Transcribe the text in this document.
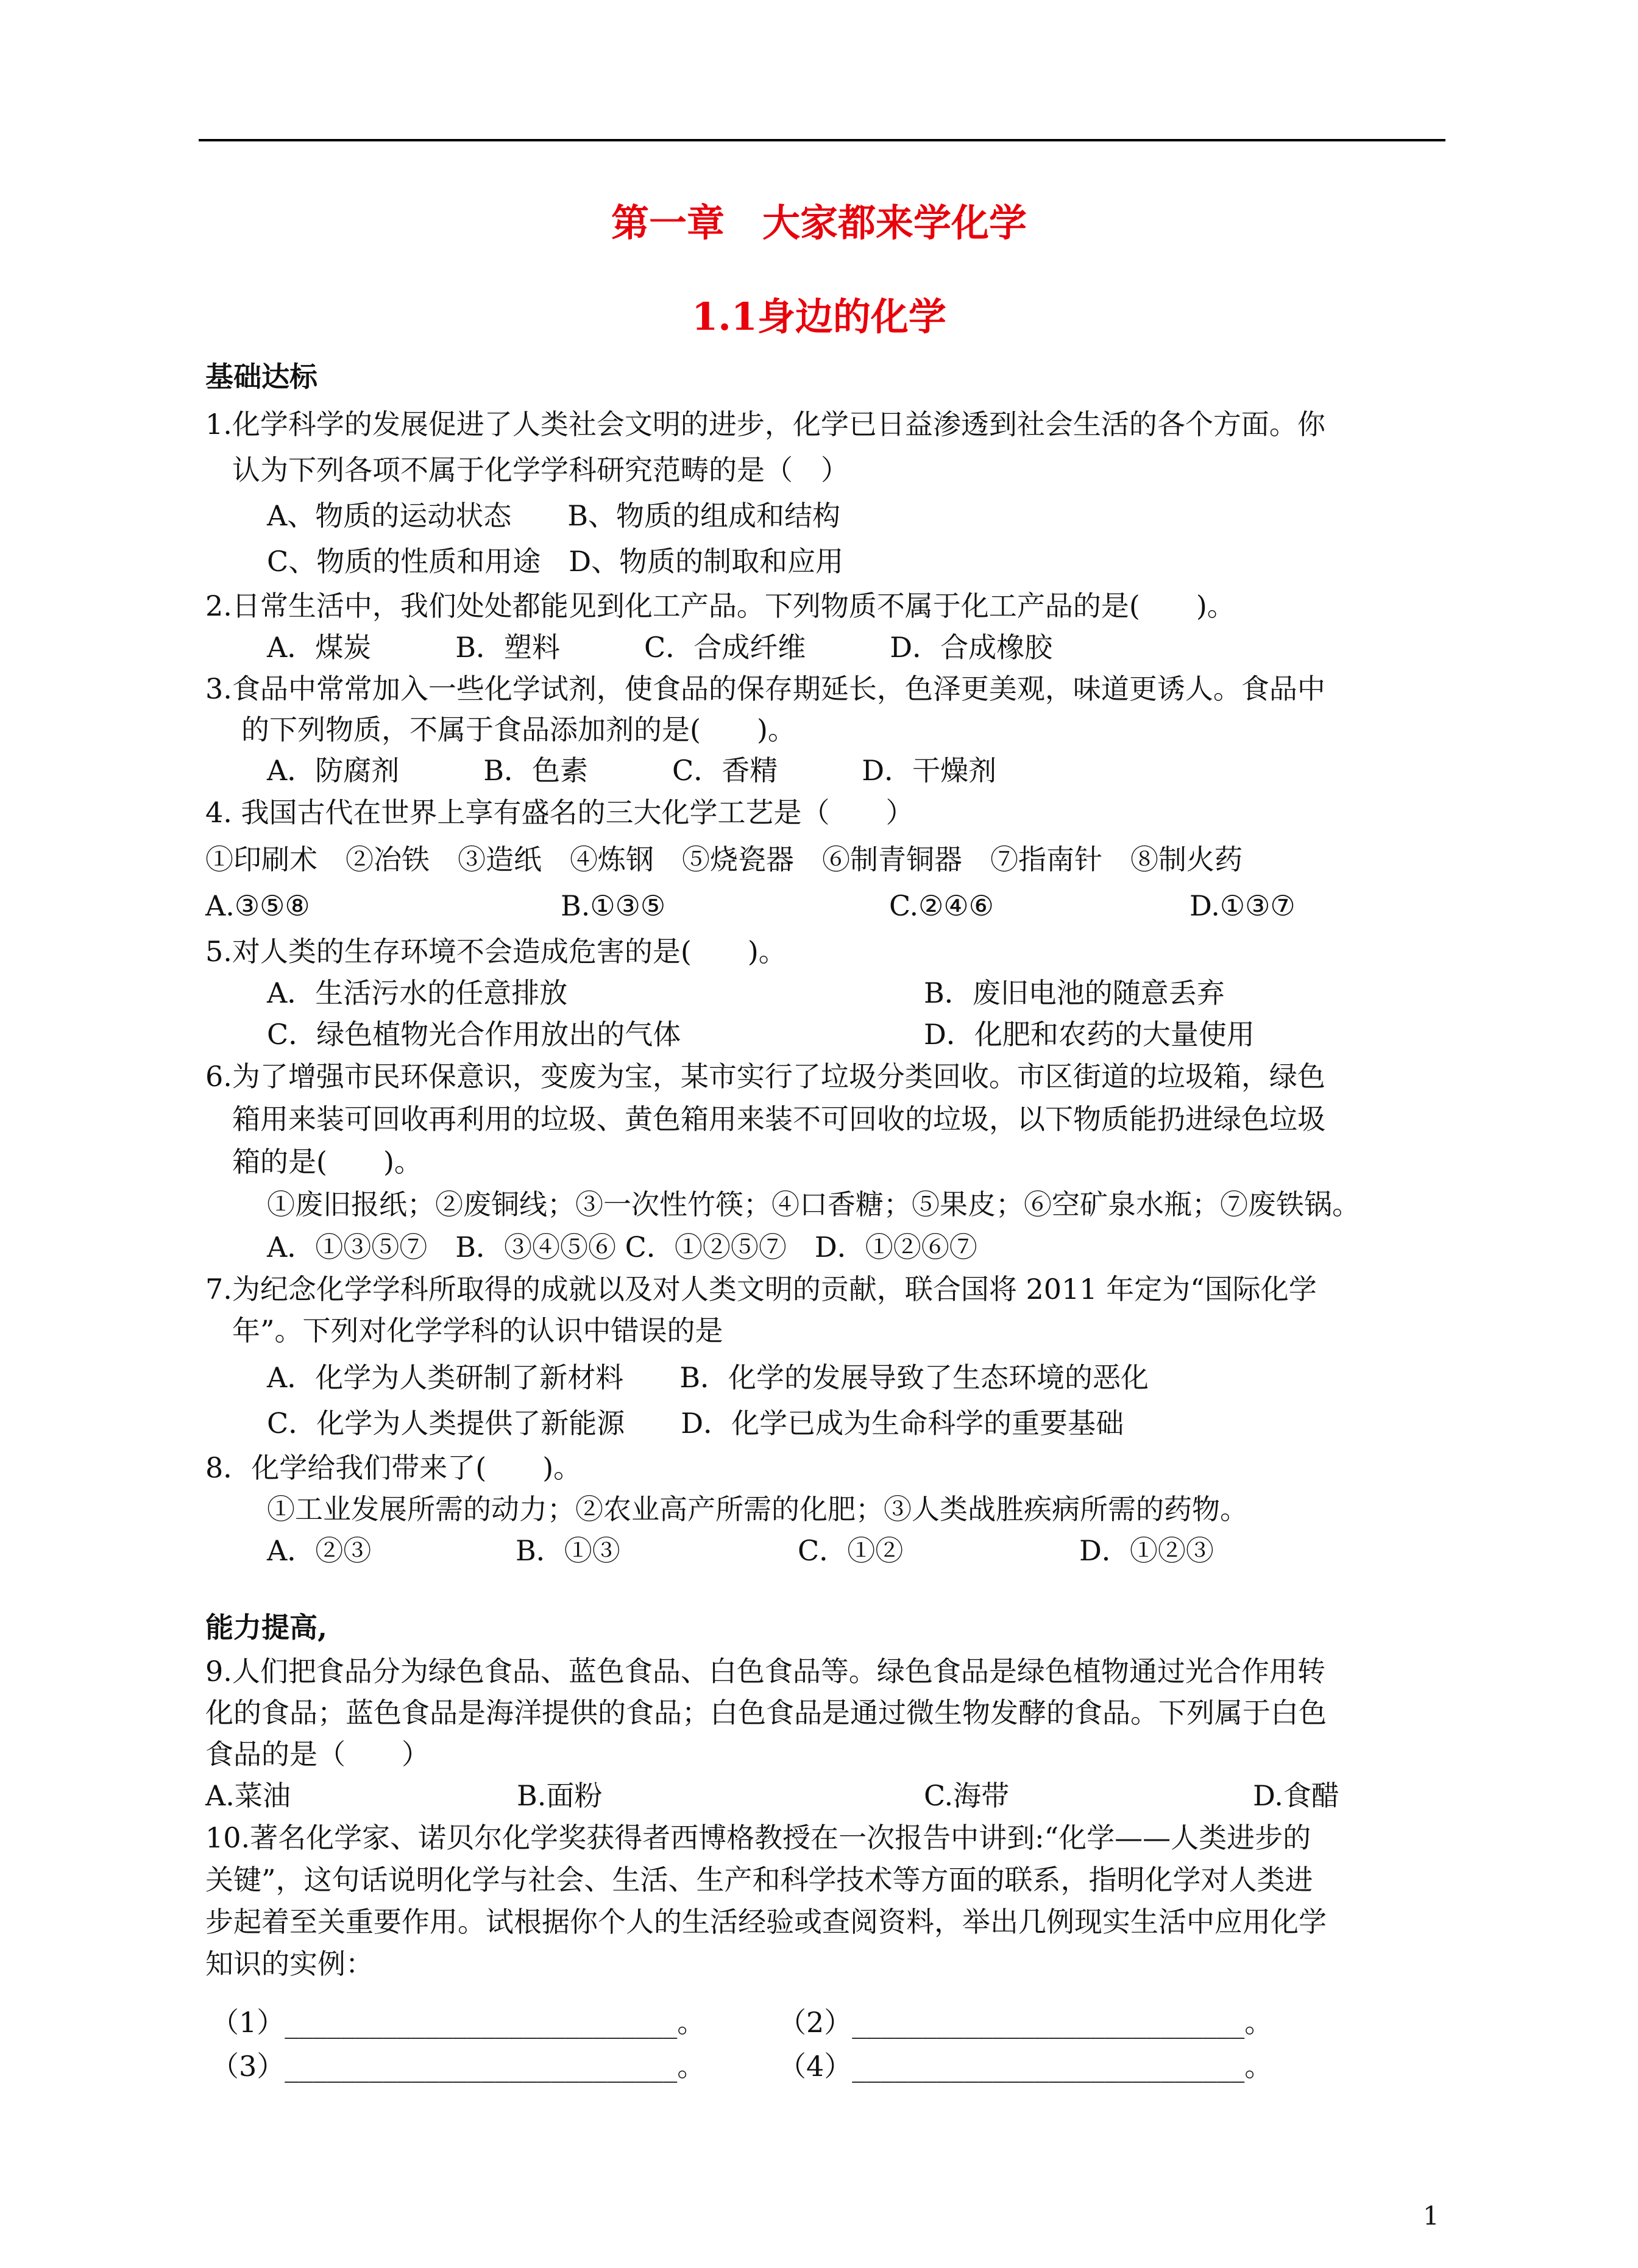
第一章　大家都来学化学
1.1身边的化学
基础达标
1.化学科学的发展促进了人类社会文明的进步，化学已日益渗透到社会生活的各个方面。你
认为下列各项不属于化学学科研究范畴的是（　）
A、物质的运动状态　　B、物质的组成和结构
C、物质的性质和用途　D、物质的制取和应用
2.日常生活中，我们处处都能见到化工产品。下列物质不属于化工产品的是(　　)。
A．煤炭　　　B．塑料　　　C．合成纤维　　　D．合成橡胶
3.食品中常常加入一些化学试剂，使食品的保存期延长，色泽更美观，味道更诱人。食品中
的下列物质，不属于食品添加剂的是(　　)。
A．防腐剂　　　B．色素　　　C．香精　　　D．干燥剂
4. 我国古代在世界上享有盛名的三大化学工艺是（　　）
①印刷术　②冶铁　③造纸　④炼钢　⑤烧瓷器　⑥制青铜器　⑦指南针　⑧制火药
A.③⑤⑧	B.①③⑤	C.②④⑥	D.①③⑦
5.对人类的生存环境不会造成危害的是(　　)。
A．生活污水的任意排放	B．废旧电池的随意丢弃
C．绿色植物光合作用放出的气体	D．化肥和农药的大量使用
6.为了增强市民环保意识，变废为宝，某市实行了垃圾分类回收。市区街道的垃圾箱，绿色
箱用来装可回收再利用的垃圾、黄色箱用来装不可回收的垃圾，以下物质能扔进绿色垃圾
箱的是(　　)。
①废旧报纸；②废铜线；③一次性竹筷；④口香糖；⑤果皮；⑥空矿泉水瓶；⑦废铁锅。
A．①③⑤⑦　B．③④⑤⑥ C．①②⑤⑦　D．①②⑥⑦
7.为纪念化学学科所取得的成就以及对人类文明的贡献，联合国将 2011 年定为“国际化学
年”。下列对化学学科的认识中错误的是
A．化学为人类研制了新材料　　B．化学的发展导致了生态环境的恶化
C．化学为人类提供了新能源　　D．化学已成为生命科学的重要基础
8．化学给我们带来了(　　)。
①工业发展所需的动力；②农业高产所需的化肥；③人类战胜疾病所需的药物。
A．②③	B．①③	C．①②	D．①②③
能力提高,
9.人们把食品分为绿色食品、蓝色食品、白色食品等。绿色食品是绿色植物通过光合作用转
化的食品；蓝色食品是海洋提供的食品；白色食品是通过微生物发酵的食品。下列属于白色
食品的是（　　）
A.菜油	B.面粉	C.海带	D.食醋
10.著名化学家、诺贝尔化学奖获得者西博格教授在一次报告中讲到:“化学——人类进步的
关键”，这句话说明化学与社会、生活、生产和科学技术等方面的联系，指明化学对人类进
步起着至关重要作用。试根据你个人的生活经验或查阅资料，举出几例现实生活中应用化学
知识的实例：
（1）____________________________。	（2）____________________________。
（3）____________________________。	（4）____________________________。
1
